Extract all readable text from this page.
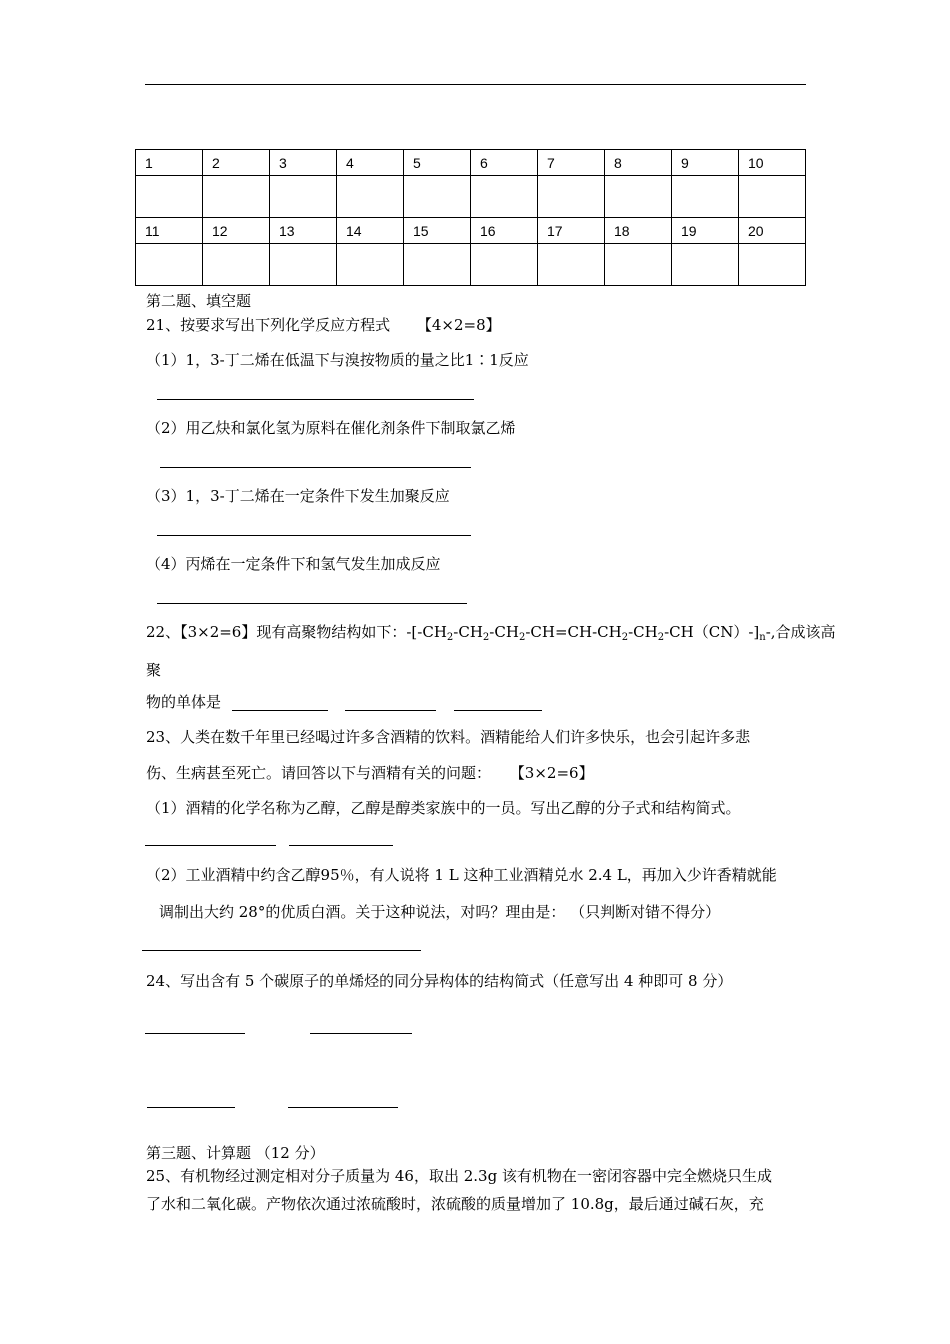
1	2	3	4	5	6	7	8	9	10

11	12	13	14	15	16	17	18	19	20

第二题、填空题
21、按要求写出下列化学反应方程式 【4×2=8】
（1）1，3-丁二烯在低温下与溴按物质的量之比1∶1反应
（2）用乙炔和氯化氢为原料在催化剂条件下制取氯乙烯
（3）1，3-丁二烯在一定条件下发生加聚反应
（4）丙烯在一定条件下和氢气发生加成反应
22、【3×2=6】现有高聚物结构如下：$-[-CH_2-CH_2-CH_2-CH=CH-CH_2-CH_2-CH(CN)-]_n-$,合成该高
聚
物的单体是
23、人类在数千年里已经喝过许多含酒精的饮料。酒精能给人们许多快乐，也会引起许多悲
伤、生病甚至死亡。请回答以下与酒精有关的问题： 【3×2=6】
（1）酒精的化学名称为乙醇，乙醇是醇类家族中的一员。写出乙醇的分子式和结构简式。
（2）工业酒精中约含乙醇95％，有人说将 1 L 这种工业酒精兑水 2.4 L，再加入少许香精就能
调制出大约 28°的优质白酒。关于这种说法，对吗？理由是： （只判断对错不得分）
24、写出含有 5 个碳原子的单烯烃的同分异构体的结构简式（任意写出 4 种即可 8 分）
第三题、计算题 （12 分）
25、有机物经过测定相对分子质量为 46，取出 2.3g 该有机物在一密闭容器中完全燃烧只生成
了水和二氧化碳。产物依次通过浓硫酸时，浓硫酸的质量增加了 10.8g，最后通过碱石灰，充
